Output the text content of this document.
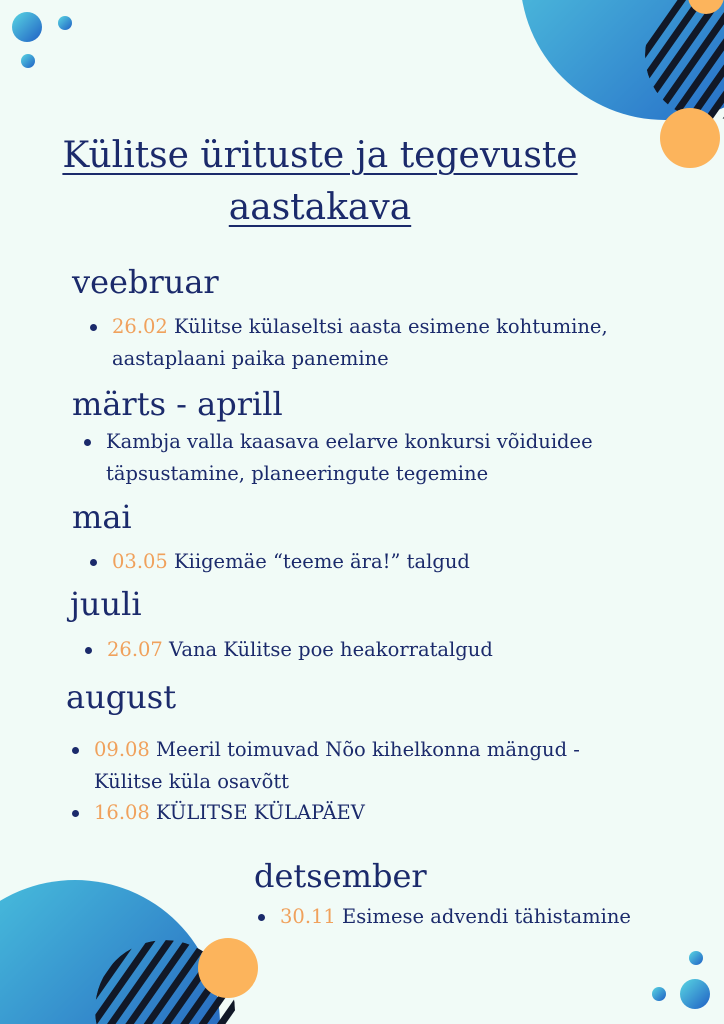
Külitse ürituste ja tegevuste
aastakava
veebruar
26.02 Külitse külaseltsi aasta esimene kohtumine,
aastaplaani paika panemine
märts - aprill
Kambja valla kaasava eelarve konkursi võiduidee
täpsustamine, planeeringute tegemine
mai
03.05 Kiigemäe “teeme ära!” talgud
juuli
26.07 Vana Külitse poe heakorratalgud
august
09.08 Meeril toimuvad Nõo kihelkonna mängud -
Külitse küla osavõtt
16.08 KÜLITSE KÜLAPÄEV
detsember
30.11 Esimese advendi tähistamine
